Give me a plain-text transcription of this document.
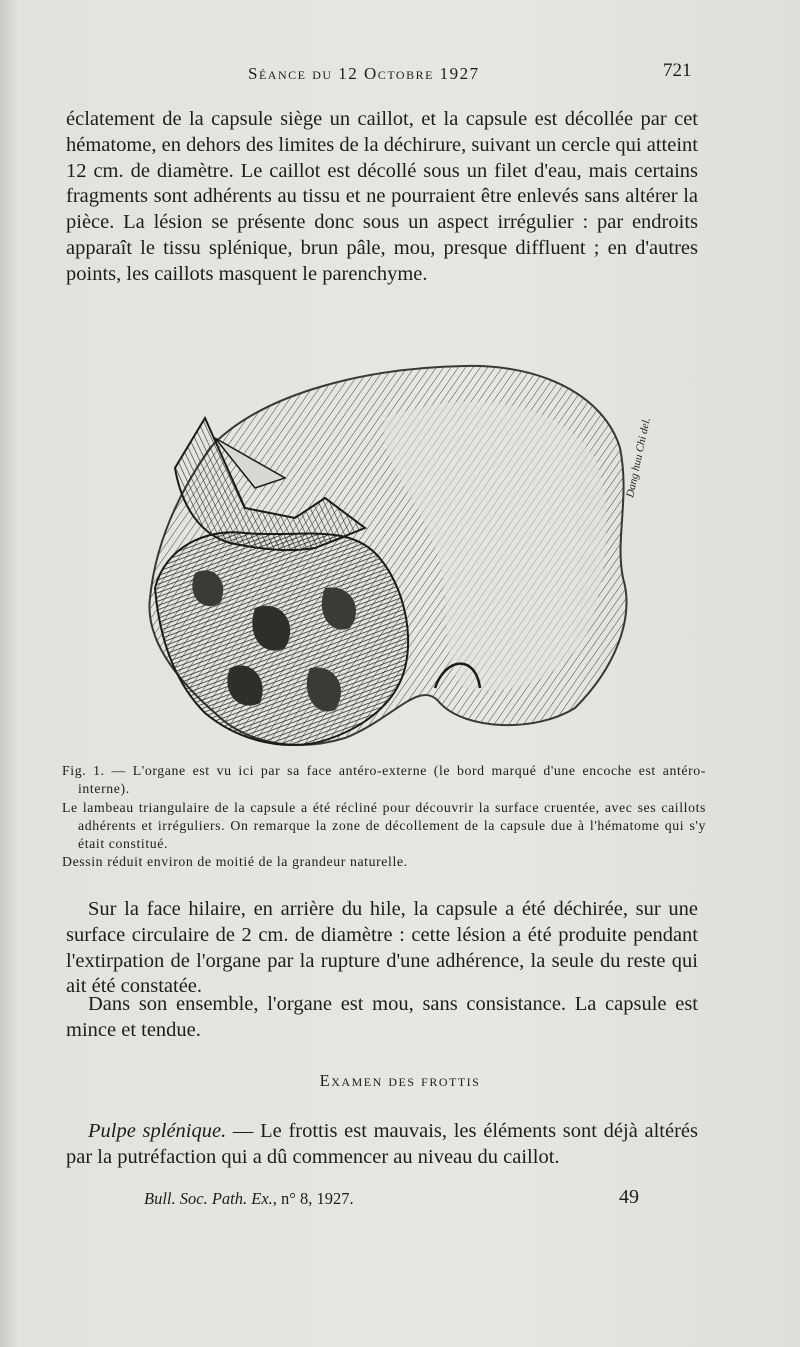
Séance du 12 Octobre 1927	721

éclatement de la capsule siège un caillot, et la capsule est décollée par cet hématome, en dehors des limites de la déchirure, suivant un cercle qui atteint 12 cm. de diamètre. Le caillot est décollé sous un filet d'eau, mais certains fragments sont adhérents au tissu et ne pourraient être enlevés sans altérer la pièce. La lésion se présente donc sous un aspect irrégulier : par endroits apparaît le tissu splénique, brun pâle, mou, presque diffluent ; en d'autres points, les caillots masquent le parenchyme.

Dang huu Chi del.

Fig. 1. — L'organe est vu ici par sa face antéro-externe (le bord marqué d'une encoche est antéro-interne).

Le lambeau triangulaire de la capsule a été récliné pour découvrir la surface cruentée, avec ses caillots adhérents et irréguliers. On remarque la zone de décollement de la capsule due à l'hématome qui s'y était constitué.

Dessin réduit environ de moitié de la grandeur naturelle.

Sur la face hilaire, en arrière du hile, la capsule a été déchirée, sur une surface circulaire de 2 cm. de diamètre : cette lésion a été produite pendant l'extirpation de l'organe par la rupture d'une adhérence, la seule du reste qui ait été constatée.

Dans son ensemble, l'organe est mou, sans consistance. La capsule est mince et tendue.

Examen des frottis

Pulpe splénique. — Le frottis est mauvais, les éléments sont déjà altérés par la putréfaction qui a dû commencer au niveau du caillot.

Bull. Soc. Path. Ex., n° 8, 1927.	49
